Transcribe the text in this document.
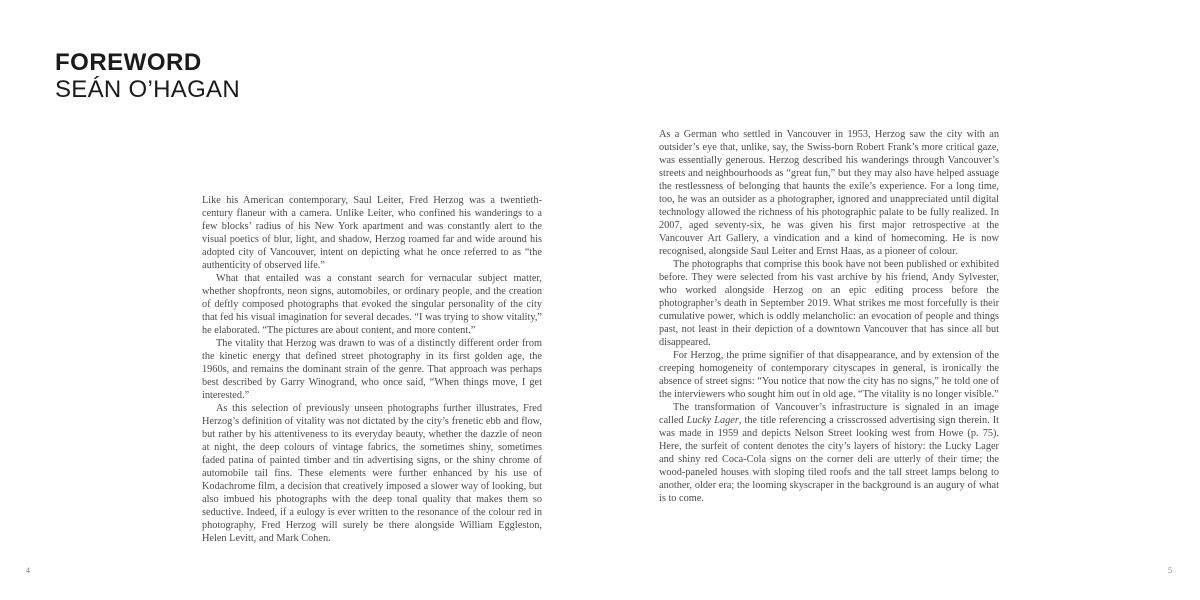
FOREWORD
SEÁN O’HAGAN

Like his American contemporary, Saul Leiter, Fred Herzog was a twentieth-century flaneur with a camera. Unlike Leiter, who confined his wanderings to a few blocks’ radius of his New York apartment and was constantly alert to the visual poetics of blur, light, and shadow, Herzog roamed far and wide around his adopted city of Vancouver, intent on depicting what he once referred to as “the authenticity of observed life.”

What that entailed was a constant search for vernacular subject matter, whether shopfronts, neon signs, automobiles, or ordinary people, and the creation of deftly composed photographs that evoked the singular personality of the city that fed his visual imagination for several decades. “I was trying to show vitality,” he elaborated. “The pictures are about content, and more content.”

The vitality that Herzog was drawn to was of a distinctly different order from the kinetic energy that defined street photography in its first golden age, the 1960s, and remains the dominant strain of the genre. That approach was perhaps best described by Garry Winogrand, who once said, “When things move, I get interested.”

As this selection of previously unseen photographs further illustrates, Fred Herzog’s definition of vitality was not dictated by the city’s frenetic ebb and flow, but rather by his attentiveness to its everyday beauty, whether the dazzle of neon at night, the deep colours of vintage fabrics, the sometimes shiny, sometimes faded patina of painted timber and tin advertising signs, or the shiny chrome of automobile tail fins. These elements were further enhanced by his use of Kodachrome film, a decision that creatively imposed a slower way of looking, but also imbued his photographs with the deep tonal quality that makes them so seductive. Indeed, if a eulogy is ever written to the resonance of the colour red in photography, Fred Herzog will surely be there alongside William Eggleston, Helen Levitt, and Mark Cohen.

As a German who settled in Vancouver in 1953, Herzog saw the city with an outsider’s eye that, unlike, say, the Swiss-born Robert Frank’s more critical gaze, was essentially generous. Herzog described his wanderings through Vancouver’s streets and neighbourhoods as “great fun,” but they may also have helped assuage the restlessness of belonging that haunts the exile’s experience. For a long time, too, he was an outsider as a photographer, ignored and unappreciated until digital technology allowed the richness of his photographic palate to be fully realized. In 2007, aged seventy-six, he was given his first major retrospective at the Vancouver Art Gallery, a vindication and a kind of homecoming. He is now recognised, alongside Saul Leiter and Ernst Haas, as a pioneer of colour.

The photographs that comprise this book have not been published or exhibited before. They were selected from his vast archive by his friend, Andy Sylvester, who worked alongside Herzog on an epic editing process before the photographer’s death in September 2019. What strikes me most forcefully is their cumulative power, which is oddly melancholic: an evocation of people and things past, not least in their depiction of a downtown Vancouver that has since all but disappeared.

For Herzog, the prime signifier of that disappearance, and by extension of the creeping homogeneity of contemporary cityscapes in general, is ironically the absence of street signs: “You notice that now the city has no signs,” he told one of the interviewers who sought him out in old age. “The vitality is no longer visible.”

The transformation of Vancouver’s infrastructure is signaled in an image called Lucky Lager, the title referencing a crisscrossed advertising sign therein. It was made in 1959 and depicts Nelson Street looking west from Howe (p. 75). Here, the surfeit of content denotes the city’s layers of history: the Lucky Lager and shiny red Coca-Cola signs on the corner deli are utterly of their time; the wood-paneled houses with sloping tiled roofs and the tall street lamps belong to another, older era; the looming skyscraper in the background is an augury of what is to come.

4	5
